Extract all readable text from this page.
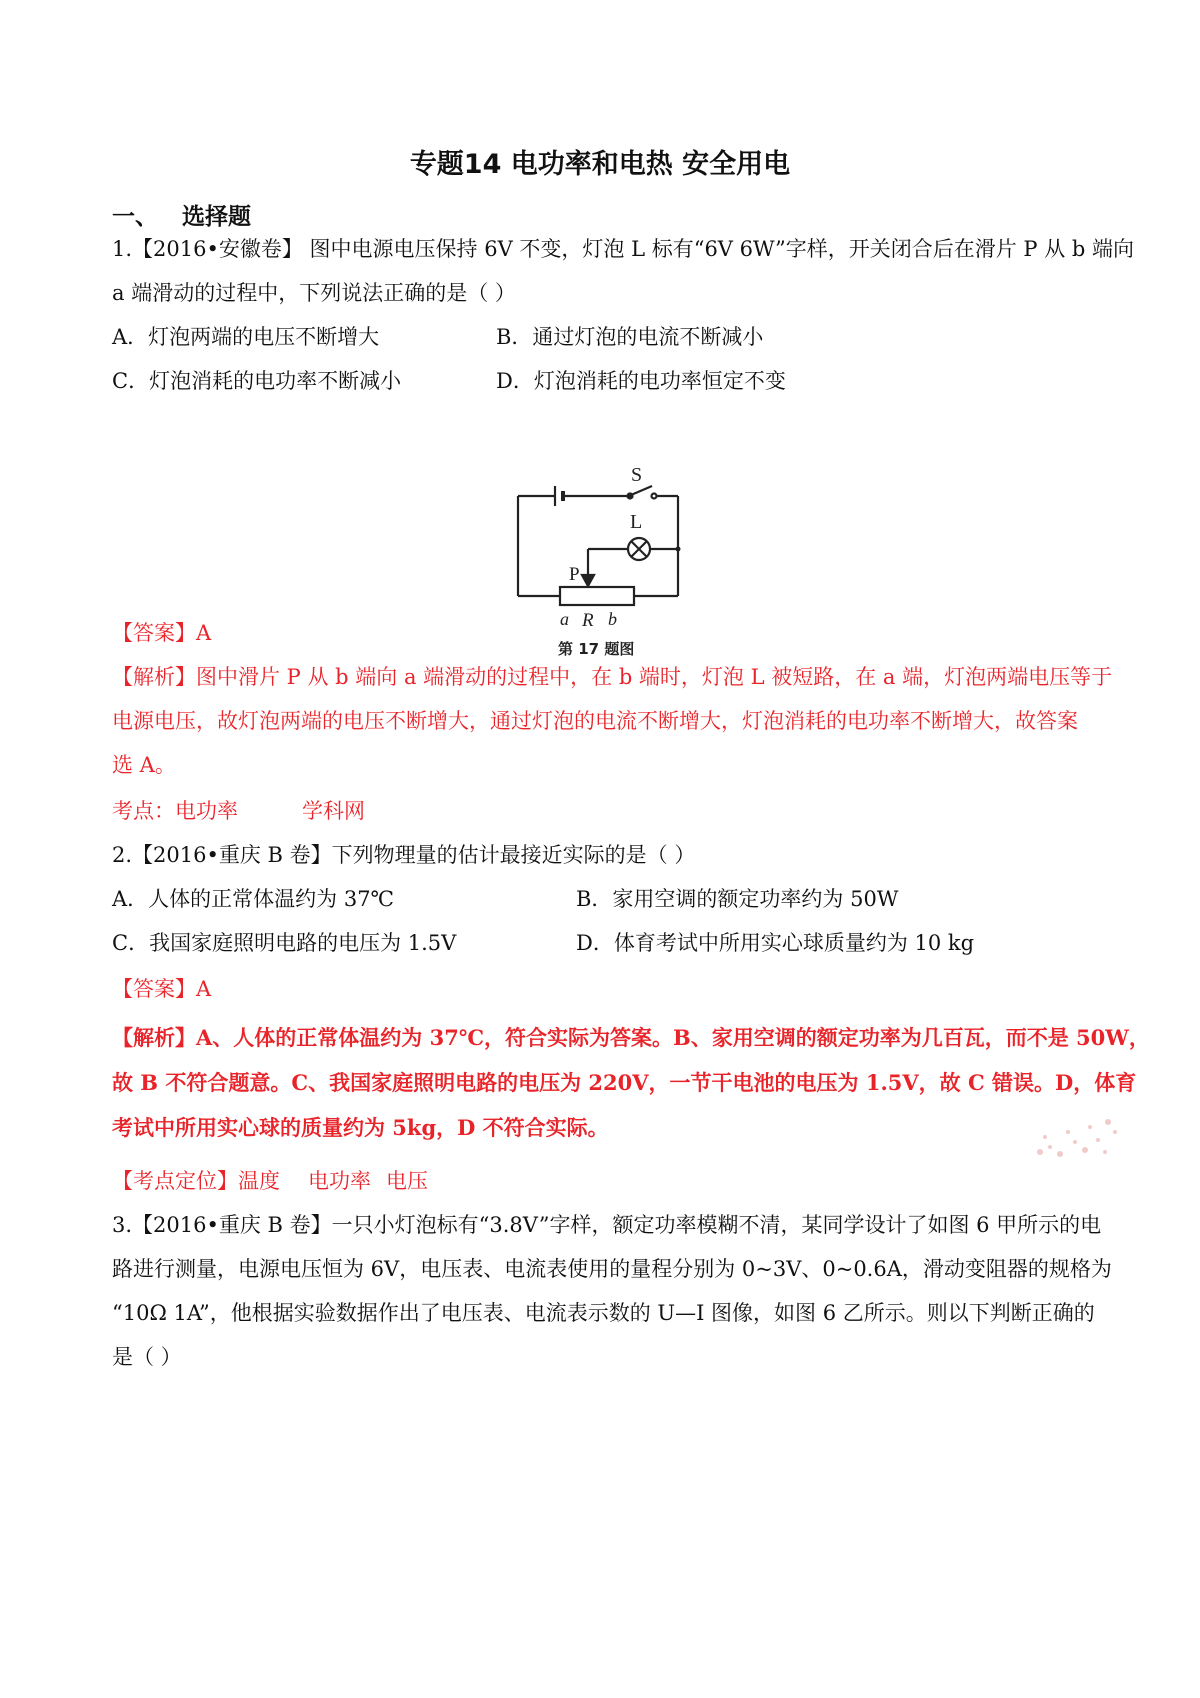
专题14 电功率和电热 安全用电
一、 选择题
1.【2016•安徽卷】 图中电源电压保持 6V 不变，灯泡 L 标有“6V 6W”字样，开关闭合后在滑片 P 从 b 端向
a 端滑动的过程中，下列说法正确的是（ ）
A．灯泡两端的电压不断增大	B．通过灯泡的电流不断减小
C．灯泡消耗的电功率不断减小	D．灯泡消耗的电功率恒定不变
S
L
P
a R b
第 17 题图
【答案】A
【解析】图中滑片 P 从 b 端向 a 端滑动的过程中，在 b 端时，灯泡 L 被短路，在 a 端，灯泡两端电压等于
电源电压，故灯泡两端的电压不断增大，通过灯泡的电流不断增大，灯泡消耗的电功率不断增大，故答案
选 A。
考点：电功率	学科网
2.【2016•重庆 B 卷】下列物理量的估计最接近实际的是（ ）
A．人体的正常体温约为 37℃	B．家用空调的额定功率约为 50W
C．我国家庭照明电路的电压为 1.5V	D．体育考试中所用实心球质量约为 10 kg
【答案】A
【解析】A、人体的正常体温约为 37℃，符合实际为答案。B、家用空调的额定功率为几百瓦，而不是 50W，
故 B 不符合题意。C、我国家庭照明电路的电压为 220V，一节干电池的电压为 1.5V，故 C 错误。D，体育
考试中所用实心球的质量约为 5kg，D 不符合实际。
【考点定位】温度 电功率 电压
3.【2016•重庆 B 卷】一只小灯泡标有“3.8V”字样，额定功率模糊不清，某同学设计了如图 6 甲所示的电
路进行测量，电源电压恒为 6V，电压表、电流表使用的量程分别为 0~3V、0~0.6A，滑动变阻器的规格为
“10Ω 1A”，他根据实验数据作出了电压表、电流表示数的 U—I 图像，如图 6 乙所示。则以下判断正确的
是（ ）
